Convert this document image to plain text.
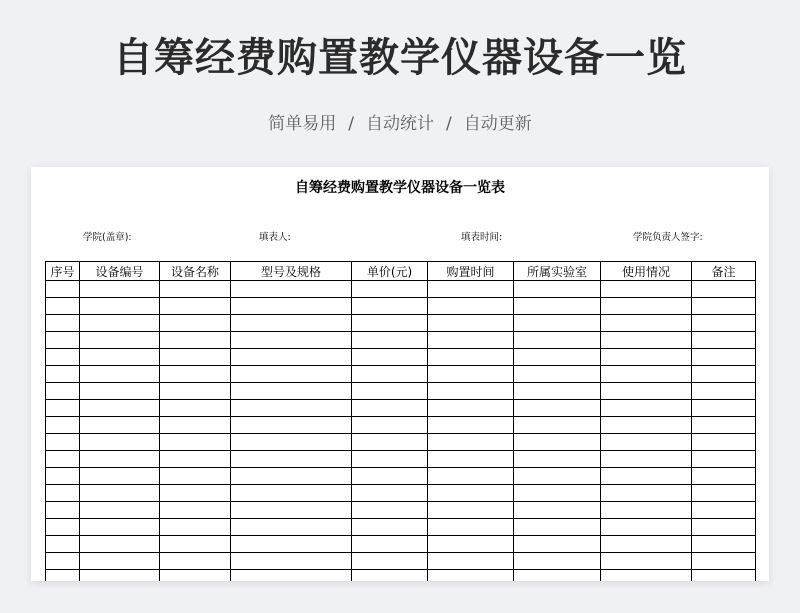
自筹经费购置教学仪器设备一览
简单易用 / 自动统计 / 自动更新
自筹经费购置教学仪器设备一览表
学院(盖章):	填表人:	填表时间:	学院负责人签字:
序号	设备编号	设备名称	型号及规格	单价(元)	购置时间	所属实验室	使用情况	备注
